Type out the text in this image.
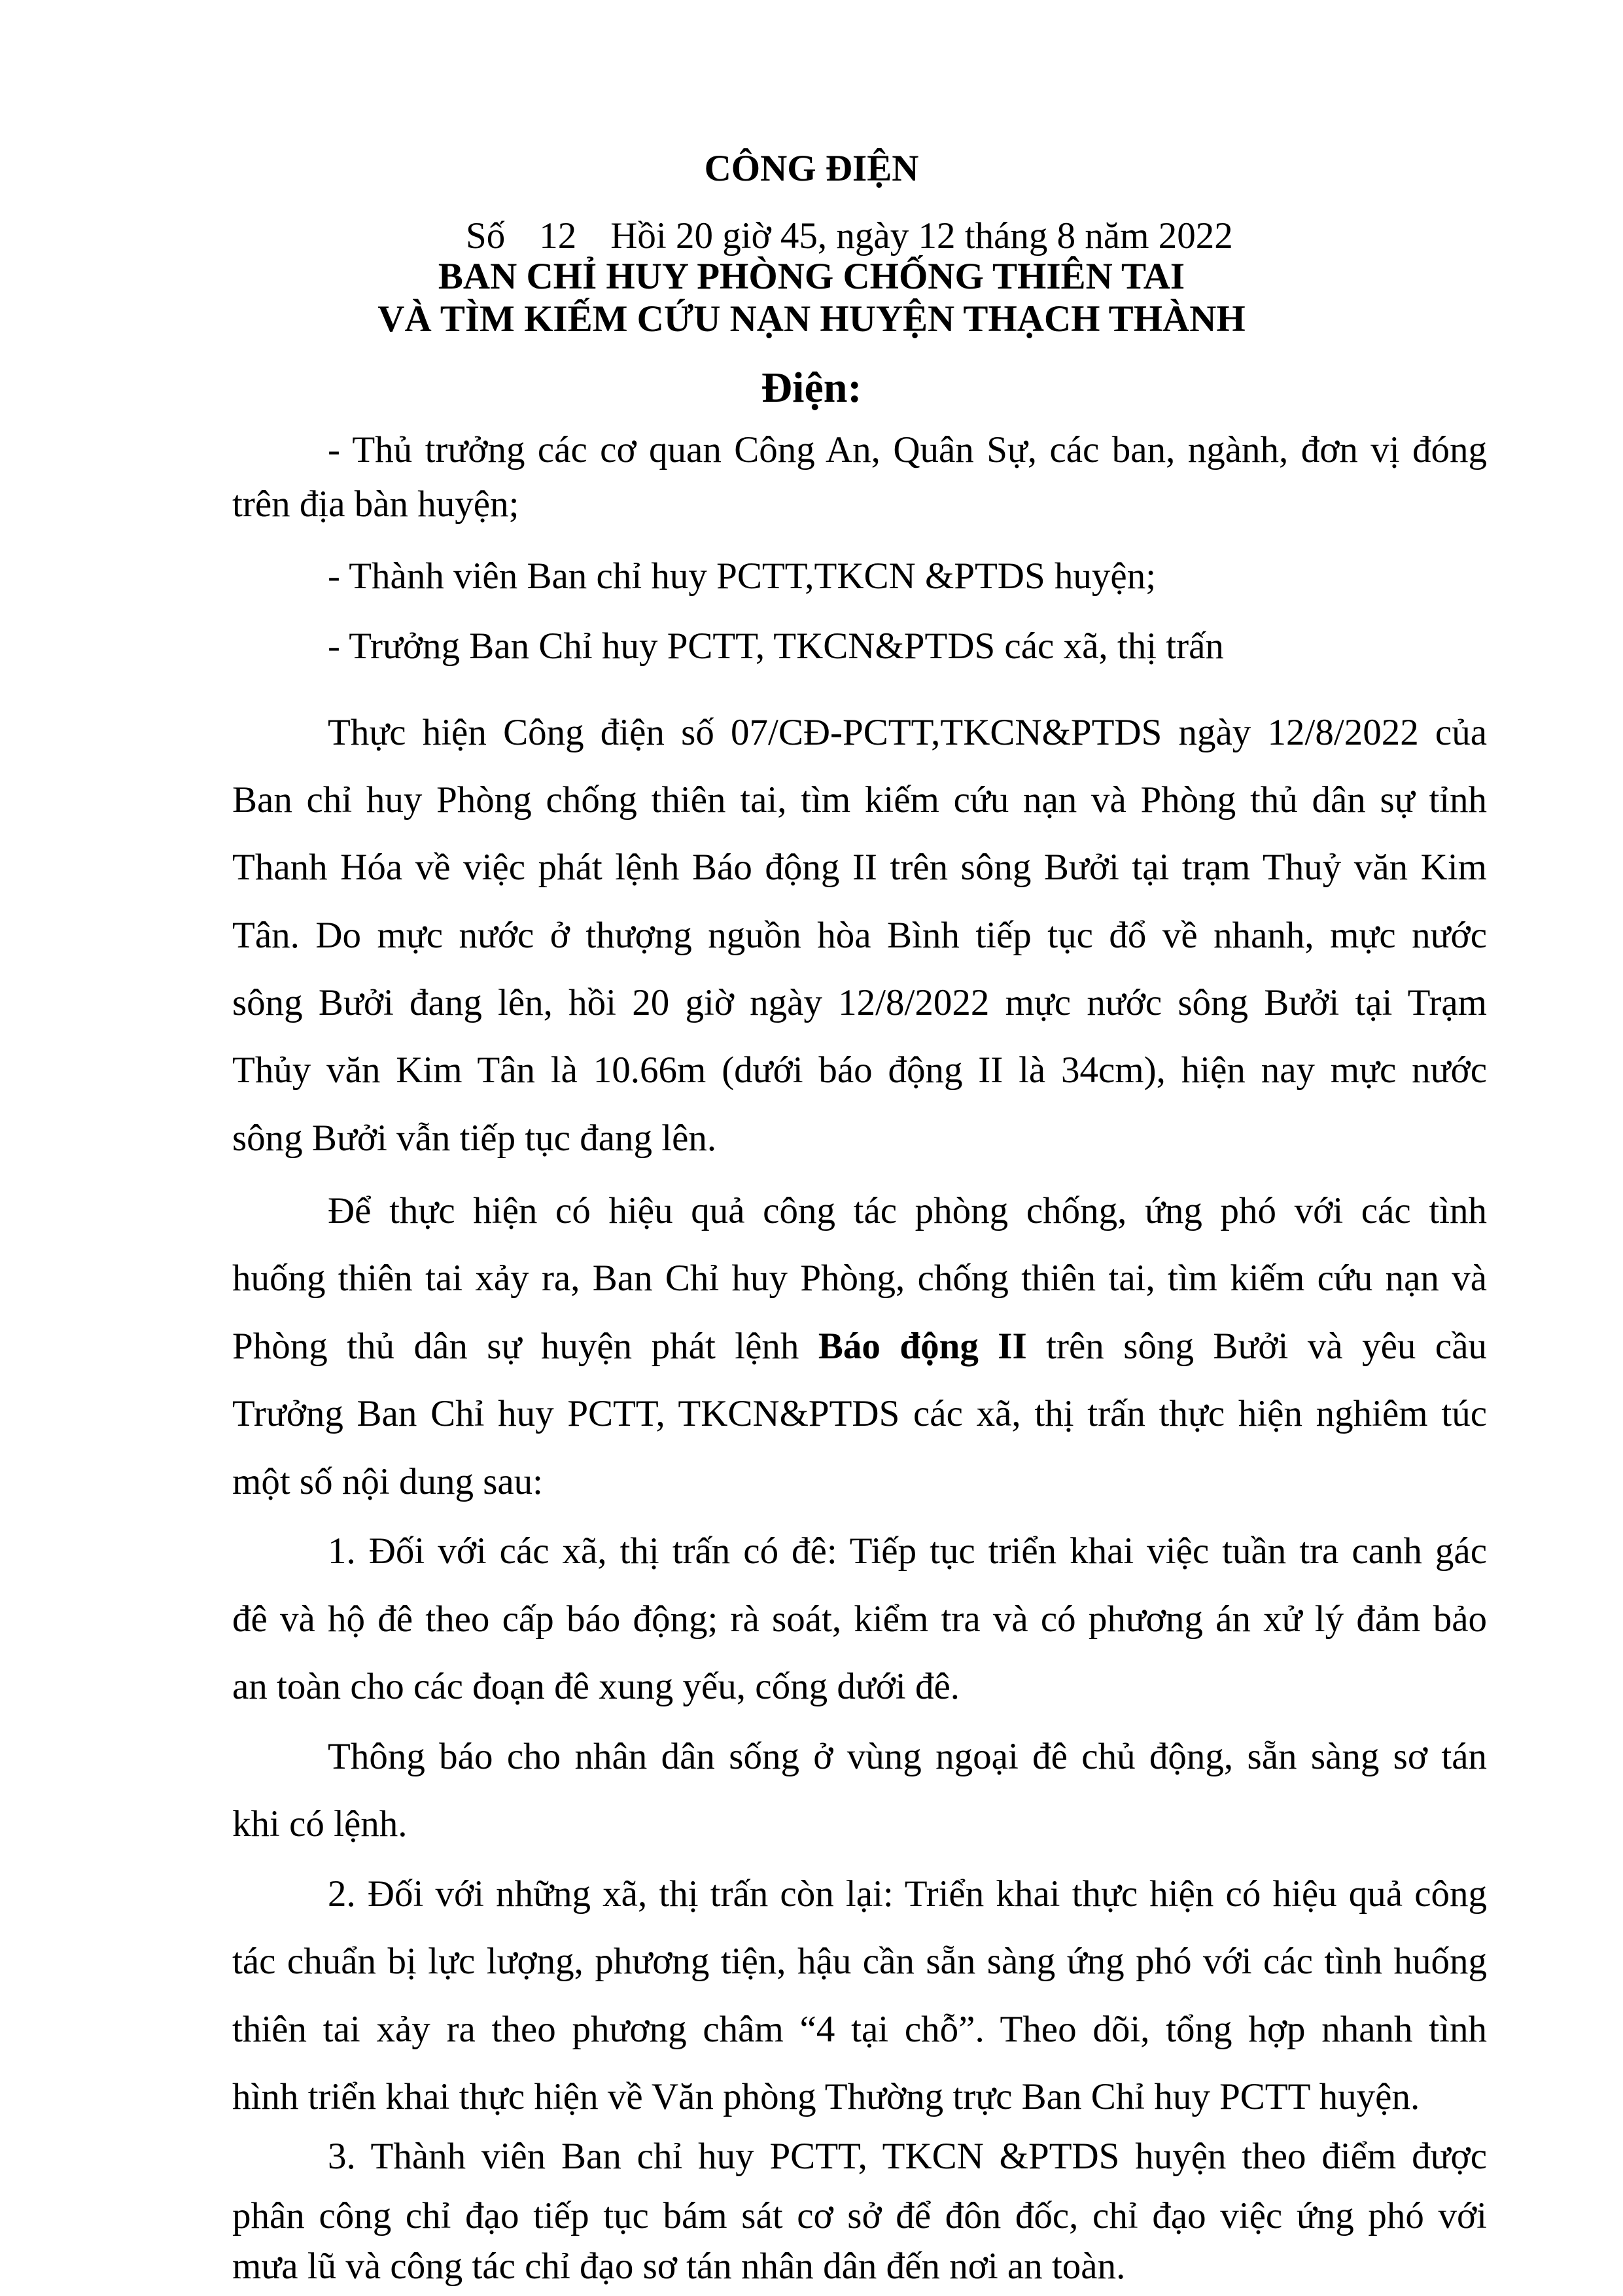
CÔNG ĐIỆN
Số 12 Hồi 20 giờ 45, ngày 12 tháng 8 năm 2022
BAN CHỈ HUY PHÒNG CHỐNG THIÊN TAI
VÀ TÌM KIẾM CỨU NẠN HUYỆN THẠCH THÀNH
Điện:
- Thủ trưởng các cơ quan Công An, Quân Sự, các ban, ngành, đơn vị đóng
trên địa bàn huyện;
- Thành viên Ban chỉ huy PCTT,TKCN &PTDS huyện;
- Trưởng Ban Chỉ huy PCTT, TKCN&PTDS các xã, thị trấn
Thực hiện Công điện số 07/CĐ-PCTT,TKCN&PTDS ngày 12/8/2022 của
Ban chỉ huy Phòng chống thiên tai, tìm kiếm cứu nạn và Phòng thủ dân sự tỉnh
Thanh Hóa về việc phát lệnh Báo động II trên sông Bưởi tại trạm Thuỷ văn Kim
Tân. Do mực nước ở thượng nguồn hòa Bình tiếp tục đổ về nhanh, mực nước
sông Bưởi đang lên, hồi 20 giờ ngày 12/8/2022 mực nước sông Bưởi tại Trạm
Thủy văn Kim Tân là 10.66m (dưới báo động II là 34cm), hiện nay mực nước
sông Bưởi vẫn tiếp tục đang lên.
Để thực hiện có hiệu quả công tác phòng chống, ứng phó với các tình
huống thiên tai xảy ra, Ban Chỉ huy Phòng, chống thiên tai, tìm kiếm cứu nạn và
Phòng thủ dân sự huyện phát lệnh Báo động II trên sông Bưởi và yêu cầu
Trưởng Ban Chỉ huy PCTT, TKCN&PTDS các xã, thị trấn thực hiện nghiêm túc
một số nội dung sau:
1. Đối với các xã, thị trấn có đê: Tiếp tục triển khai việc tuần tra canh gác
đê và hộ đê theo cấp báo động; rà soát, kiểm tra và có phương án xử lý đảm bảo
an toàn cho các đoạn đê xung yếu, cống dưới đê.
Thông báo cho nhân dân sống ở vùng ngoại đê chủ động, sẵn sàng sơ tán
khi có lệnh.
2. Đối với những xã, thị trấn còn lại: Triển khai thực hiện có hiệu quả công
tác chuẩn bị lực lượng, phương tiện, hậu cần sẵn sàng ứng phó với các tình huống
thiên tai xảy ra theo phương châm “4 tại chỗ”. Theo dõi, tổng hợp nhanh tình
hình triển khai thực hiện về Văn phòng Thường trực Ban Chỉ huy PCTT huyện.
3. Thành viên Ban chỉ huy PCTT, TKCN &PTDS huyện theo điểm được
phân công chỉ đạo tiếp tục bám sát cơ sở để đôn đốc, chỉ đạo việc ứng phó với
mưa lũ và công tác chỉ đạo sơ tán nhân dân đến nơi an toàn.
